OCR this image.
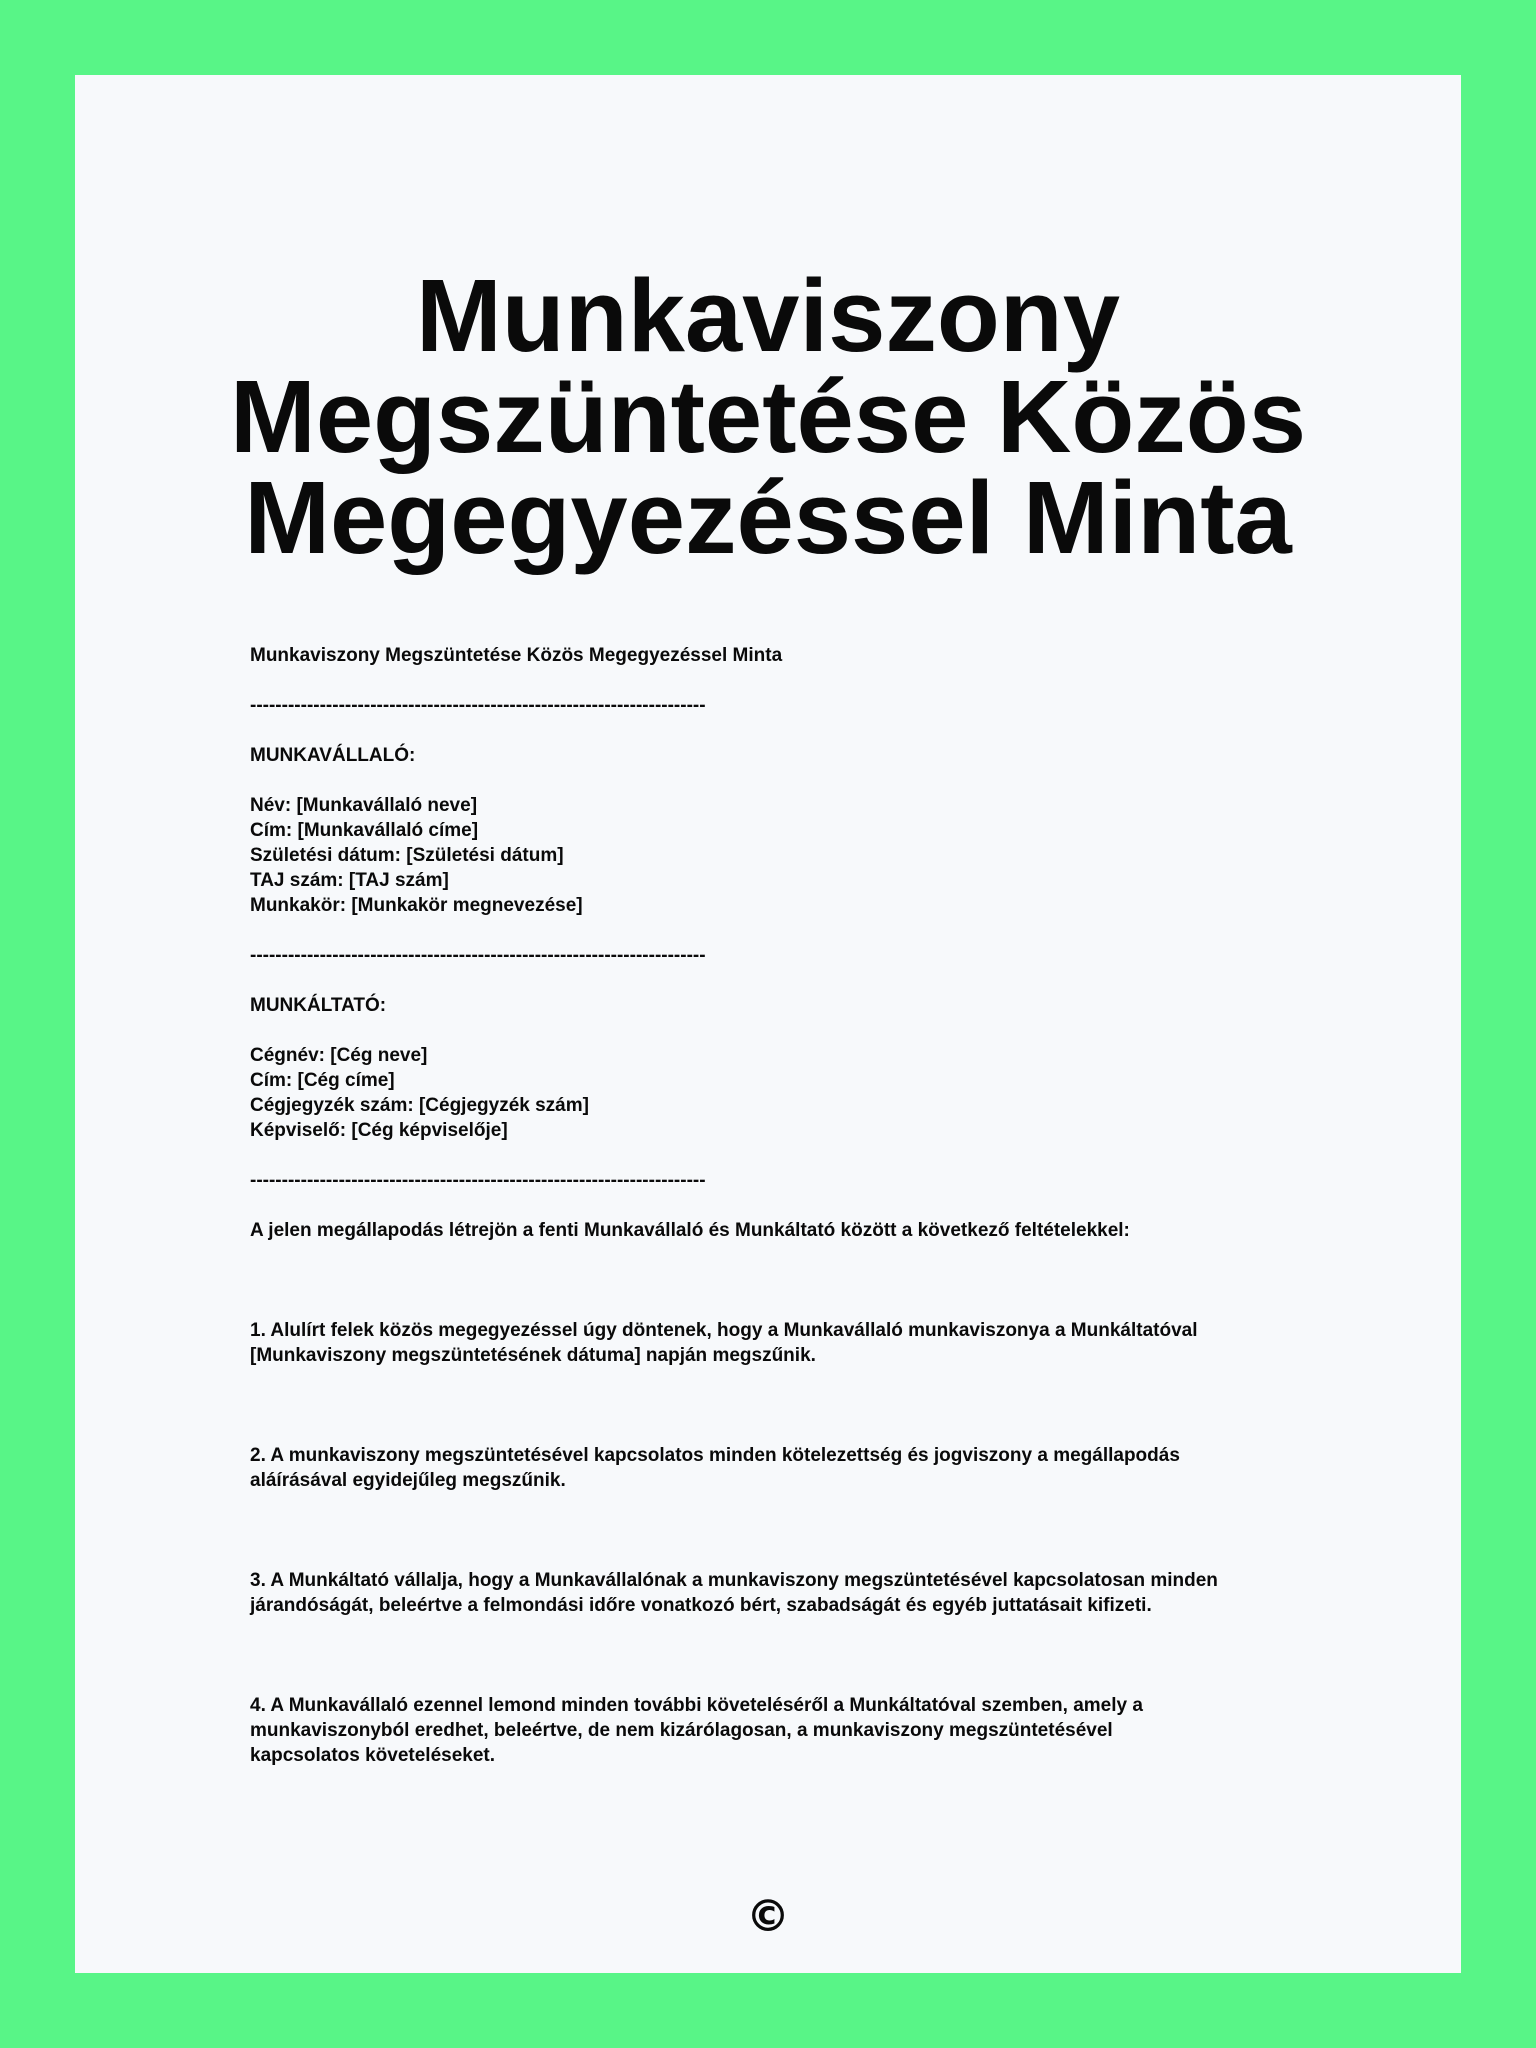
Munkaviszony
Megszüntetése Közös
Megegyezéssel Minta

Munkaviszony Megszüntetése Közös Megegyezéssel Minta

------------------------------------------------------------------------

MUNKAVÁLLALÓ:

Név: [Munkavállaló neve]

Cím: [Munkavállaló címe]

Születési dátum: [Születési dátum]

TAJ szám: [TAJ szám]

Munkakör: [Munkakör megnevezése]

------------------------------------------------------------------------

MUNKÁLTATÓ:

Cégnév: [Cég neve]

Cím: [Cég címe]

Cégjegyzék szám: [Cégjegyzék szám]

Képviselő: [Cég képviselője]

------------------------------------------------------------------------

A jelen megállapodás létrejön a fenti Munkavállaló és Munkáltató között a következő feltételekkel:

1. Alulírt felek közös megegyezéssel úgy döntenek, hogy a Munkavállaló munkaviszonya a Munkáltatóval
[Munkaviszony megszüntetésének dátuma] napján megszűnik.

2. A munkaviszony megszüntetésével kapcsolatos minden kötelezettség és jogviszony a megállapodás
aláírásával egyidejűleg megszűnik.

3. A Munkáltató vállalja, hogy a Munkavállalónak a munkaviszony megszüntetésével kapcsolatosan minden
járandóságát, beleértve a felmondási időre vonatkozó bért, szabadságát és egyéb juttatásait kifizeti.

4. A Munkavállaló ezennel lemond minden további követeléséről a Munkáltatóval szemben, amely a
munkaviszonyból eredhet, beleértve, de nem kizárólagosan, a munkaviszony megszüntetésével
kapcsolatos követeléseket.

©
